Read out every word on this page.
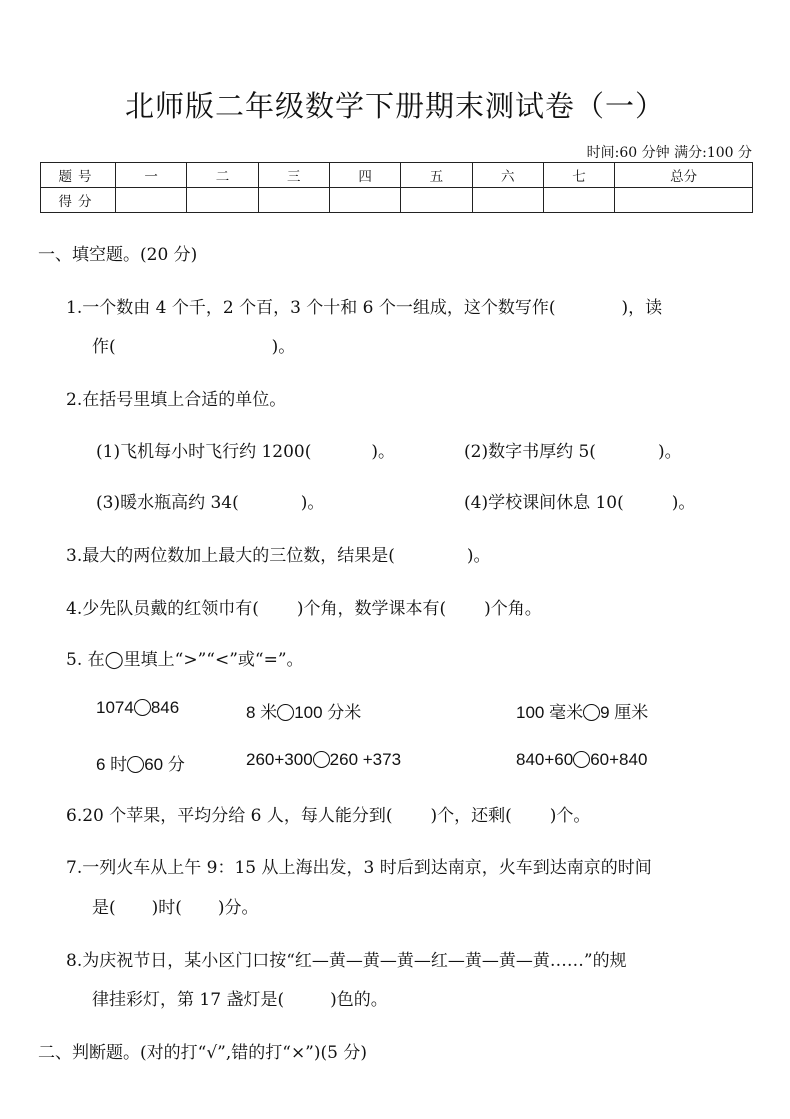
北师版二年级数学下册期末测试卷（一）
时间:60 分钟 满分:100 分
题号	一	二	三	四	五	六	七	总分
得分								
一、填空题。(20 分)
1.一个数由 4 个千，2 个百，3 个十和 6 个一组成，这个数写作(	)，读
作(	)。
2.在括号里填上合适的单位。
(1)飞机每小时飞行约 1200(	)。	(2)数字书厚约 5(	)。
(3)暖水瓶高约 34(	)。	(4)学校课间休息 10(	)。
3.最大的两位数加上最大的三位数，结果是(	)。
4.少先队员戴的红领巾有( )个角，数学课本有( )个角。
5. 在◯里填上“>”“<”或“=”。
1074 846	8 米 100 分米	100 毫米 9 厘米
6 时 60 分	260+300 260 +373	840+60 60+840
6.20 个苹果，平均分给 6 人，每人能分到( )个，还剩( )个。
7.一列火车从上午 9：15 从上海出发，3 时后到达南京，火车到达南京的时间
是( )时( )分。
8.为庆祝节日，某小区门口按“红—黄—黄—黄—红—黄—黄—黄……”的规
律挂彩灯，第 17 盏灯是(	)色的。
二、判断题。(对的打“√”,错的打“×”)(5 分)
